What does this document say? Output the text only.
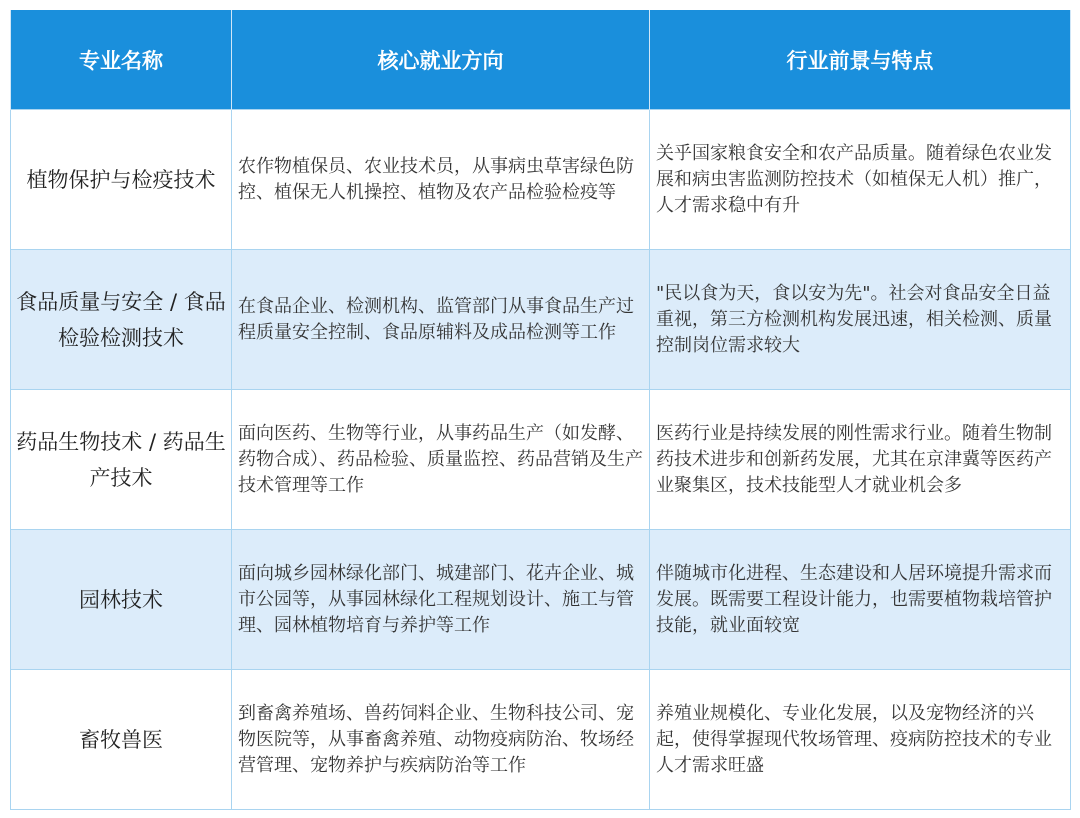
专业名称	核心就业方向	行业前景与特点
植物保护与检疫技术	农作物植保员、农业技术员，从事病虫草害绿色防控、植保无人机操控、植物及农产品检验检疫等	关乎国家粮食安全和农产品质量。随着绿色农业发展和病虫害监测防控技术（如植保无人机）推广，人才需求稳中有升
食品质量与安全 / 食品检验检测技术	在食品企业、检测机构、监管部门从事食品生产过程质量安全控制、食品原辅料及成品检测等工作	"民以食为天，食以安为先"。社会对食品安全日益重视，第三方检测机构发展迅速，相关检测、质量控制岗位需求较大
药品生物技术 / 药品生产技术	面向医药、生物等行业，从事药品生产（如发酵、药物合成）、药品检验、质量监控、药品营销及生产技术管理等工作	医药行业是持续发展的刚性需求行业。随着生物制药技术进步和创新药发展，尤其在京津冀等医药产业聚集区，技术技能型人才就业机会多
园林技术	面向城乡园林绿化部门、城建部门、花卉企业、城市公园等，从事园林绿化工程规划设计、施工与管理、园林植物培育与养护等工作	伴随城市化进程、生态建设和人居环境提升需求而发展。既需要工程设计能力，也需要植物栽培管护技能，就业面较宽
畜牧兽医	到畜禽养殖场、兽药饲料企业、生物科技公司、宠物医院等，从事畜禽养殖、动物疫病防治、牧场经营管理、宠物养护与疾病防治等工作	养殖业规模化、专业化发展，以及宠物经济的兴起，使得掌握现代牧场管理、疫病防控技术的专业人才需求旺盛
